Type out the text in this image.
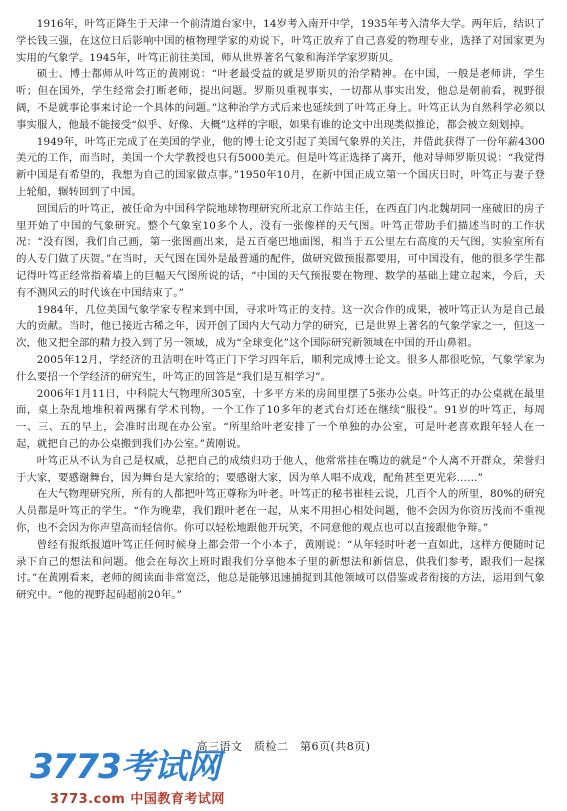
1916年，叶笃正降生于天津一个前清道台家中，14岁考入南开中学，1935年考入清华大学。两年后，结识了学长钱三强，在这位日后影响中国的植物理学家的劝说下，叶笃正放弃了自己喜爱的物理专业，选择了对国家更为实用的气象学。1945年，叶笃正前往美国，师从世界著名气象和海洋学家罗斯贝。

硕士、博士都师从叶笃正的黄刚说：“叶老最受益的就是罗斯贝的治学精神。在中国，一般是老师讲，学生听；但在国外，学生经常会打断老师，提出问题。罗斯贝重视事实，一切都从事实出发，他总是朝前看，视野很阔，不是就事论事来讨论一个具体的问题。”这种治学方式后来也延续到了叶笃正身上。叶笃正认为自然科学必须以事实服人，他最不能接受“似乎、好像、大概”这样的字眼，如果有谁的论文中出现类似推论，都会被立刻划掉。

1949年，叶笃正完成了在美国的学业，他的博士论文引起了美国气象界的关注，并借此获得了一份年薪4300美元的工作，而当时，美国一个大学教授也只有5000美元。但是叶笃正选择了离开，他对导师罗斯贝说：“我觉得新中国是有希望的，我想为自己的国家做点事。”1950年10月，在新中国正成立第一个国庆日时，叶笃正与妻子登上轮船，辗转回到了中国。

回国后的叶笃正，被任命为中国科学院地球物理研究所北京工作站主任，在西直门内北魏胡同一座破旧的房子里开始了中国的气象研究。整个气象室10多个人，没有一张像样的天气图。叶笃正带助手们描述当时的工作状况：“没有图，我们自己画，第一张图画出来，是五百毫巴地面图，相当于五公里左右高度的天气图，实验室所有的人专门做了庆贺。”在当时，天气图在国外是最普通的配件，做研究做预报都要用，可中国没有，他的很多学生都记得叶笃正经常指着墙上的巨幅天气图所说的话，“中国的天气预报要在物理、数学的基础上建立起来，今后，天有不测风云的时代该在中国结束了。”

1984年，几位美国气象学家专程来到中国，寻求叶笃正的支持。这一次合作的成果，被叶笃正认为是自己最大的贡献。当时，他已接近古稀之年，因开创了国内大气动力学的研究，已是世界上著名的气象学家之一，但这一次，他又把全部的精力投入到了另一领域，成为“全球变化”这个国际研究新领域在中国的开山鼻祖。

2005年12月，学经济的丑洁明在叶笃正门下学习四年后，顺利完成博士论文。很多人都很吃惊，气象学家为什么要招一个学经济的研究生，叶笃正的回答是“我们是互相学习”。

2006年1月11日，中科院大气物理所305室，十多平方米的房间里摆了5张办公桌。叶笃正的办公桌就在最里面，桌上杂乱地堆积着两摞有学术刊物，一个工作了10多年的老式台灯还在继续“服役”。91岁的叶笃正，每周一、三、五的早上，会准时出现在办公室。“所里给叶老安排了一个单独的办公室，可是叶老喜欢跟年轻人在一起，就把自己的办公桌搬到我们办公室。”黄刚说。

叶笃正从不认为自己是权威，总把自己的成绩归功于他人，他常常挂在嘴边的就是“个人离不开群众，荣誉归于大家，要感谢舞台，因为舞台是大家给的；要感谢大家，因为单人唱不成戏，配角甚至更光彩……”

在大气物理研究所，所有的人都把叶笃正尊称为叶老。叶笃正的秘书崔桂云说，几百个人的所里，80%的研究人员都是叶笃正的学生。“作为晚辈，我们跟叶老在一起，从来不用担心相处问题，他不会因为你资历浅而不重视你，也不会因为你声望高而轻信你。你可以轻松地跟他开玩笑，不同意他的观点也可以直接跟他争辩。”

曾经有报纸报道叶笃正任何时候身上都会带一个小本子，黄刚说：“从年轻时叶老一直如此，这样方便随时记录下自己的想法和问题。他会在每次上班时跟我们分享他本子里的新想法和新信息，供我们参考，跟我们一起探讨。”在黄刚看来，老师的阅读面非常宽泛，他总是能够迅速捕捉到其他领域可以借鉴或者衔接的方法，运用到气象研究中。“他的视野起码超前20年。”

高三语文　质检二　第6页(共8页)
3773考试网
3773.com 中国教育考试网
